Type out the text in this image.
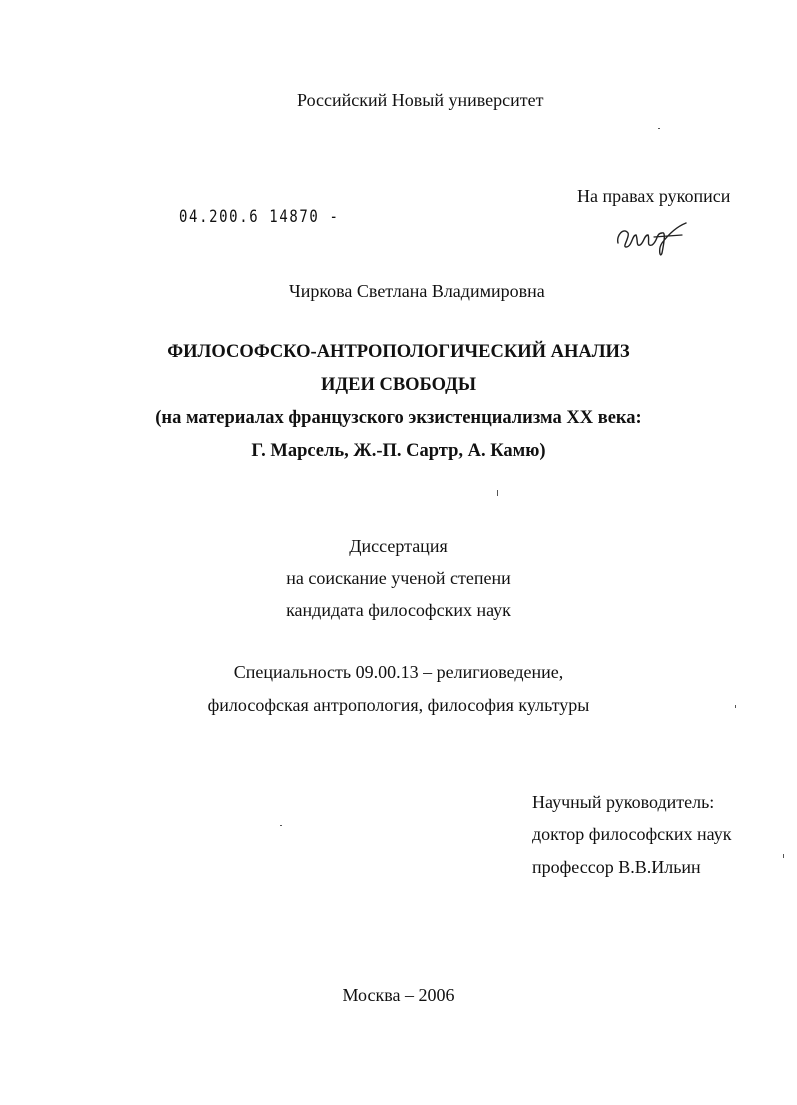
Российский Новый университет
На правах рукописи
04.200.6 14870 -
Чиркова Светлана Владимировна
ФИЛОСОФСКО-АНТРОПОЛОГИЧЕСКИЙ АНАЛИЗ
ИДЕИ СВОБОДЫ
(на материалах французского экзистенциализма XX века:
Г. Марсель, Ж.-П. Сартр, А. Камю)
Диссертация
на соискание ученой степени
кандидата философских наук
Специальность 09.00.13 – религиоведение,
философская антропология, философия культуры
Научный руководитель:
доктор философских наук
профессор В.В.Ильин
Москва – 2006
